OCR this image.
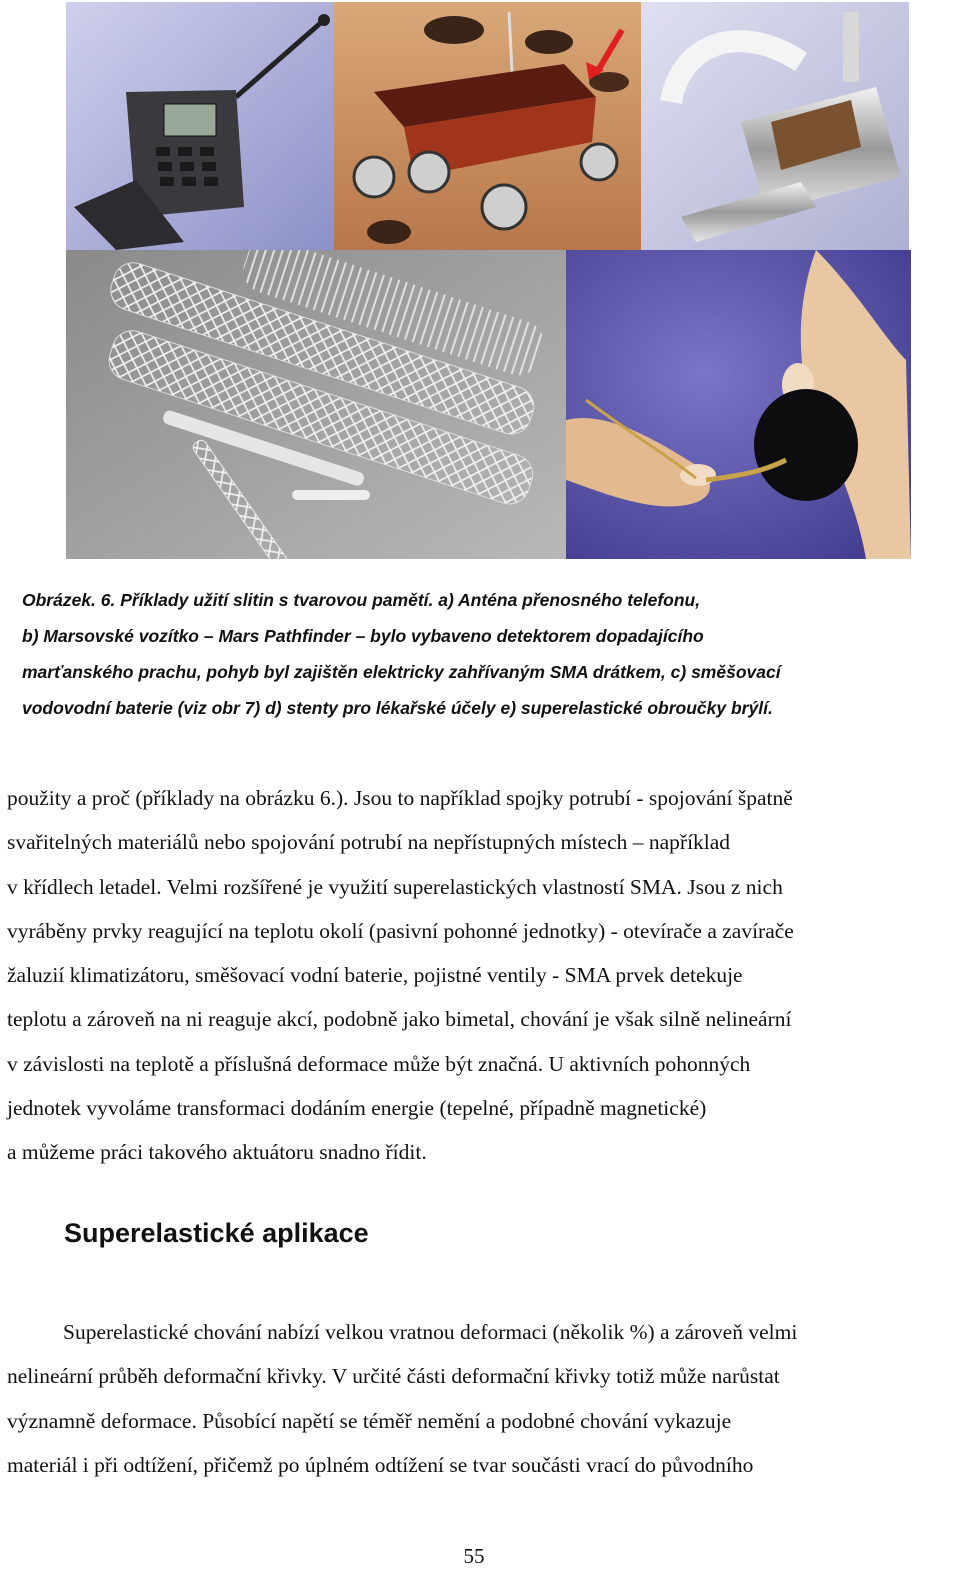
Obrázek. 6. Příklady užití slitin s tvarovou pamětí. a) Anténa přenosného telefonu,
b) Marsovské vozítko – Mars Pathfinder – bylo vybaveno detektorem dopadajícího
marťanského prachu, pohyb byl zajištěn elektricky zahřívaným SMA drátkem, c) směšovací
vodovodní baterie (viz obr 7) d) stenty pro lékařské účely e) superelastické obroučky brýlí.
použity a proč (příklady na obrázku 6.). Jsou to například spojky potrubí - spojování špatně
svařitelných materiálů nebo spojování potrubí na nepřístupných místech – například
v křídlech letadel. Velmi rozšířené je využití superelastických vlastností SMA. Jsou z nich
vyráběny prvky reagující na teplotu okolí (pasivní pohonné jednotky) - otevírače a zavírače
žaluzií klimatizátoru, směšovací vodní baterie, pojistné ventily - SMA prvek detekuje
teplotu a zároveň na ni reaguje akcí, podobně jako bimetal, chování je však silně nelineární
v závislosti na teplotě a příslušná deformace může být značná. U aktivních pohonných
jednotek vyvoláme transformaci dodáním energie (tepelné, případně magnetické)
a můžeme práci takového aktuátoru snadno řídit.
Superelastické aplikace
Superelastické chování nabízí velkou vratnou deformaci (několik %) a zároveň velmi
nelineární průběh deformační křivky. V určité části deformační křivky totiž může narůstat
významně deformace. Působící napětí se téměř nemění a podobné chování vykazuje
materiál i při odtížení, přičemž po úplném odtížení se tvar součásti vrací do původního
55
